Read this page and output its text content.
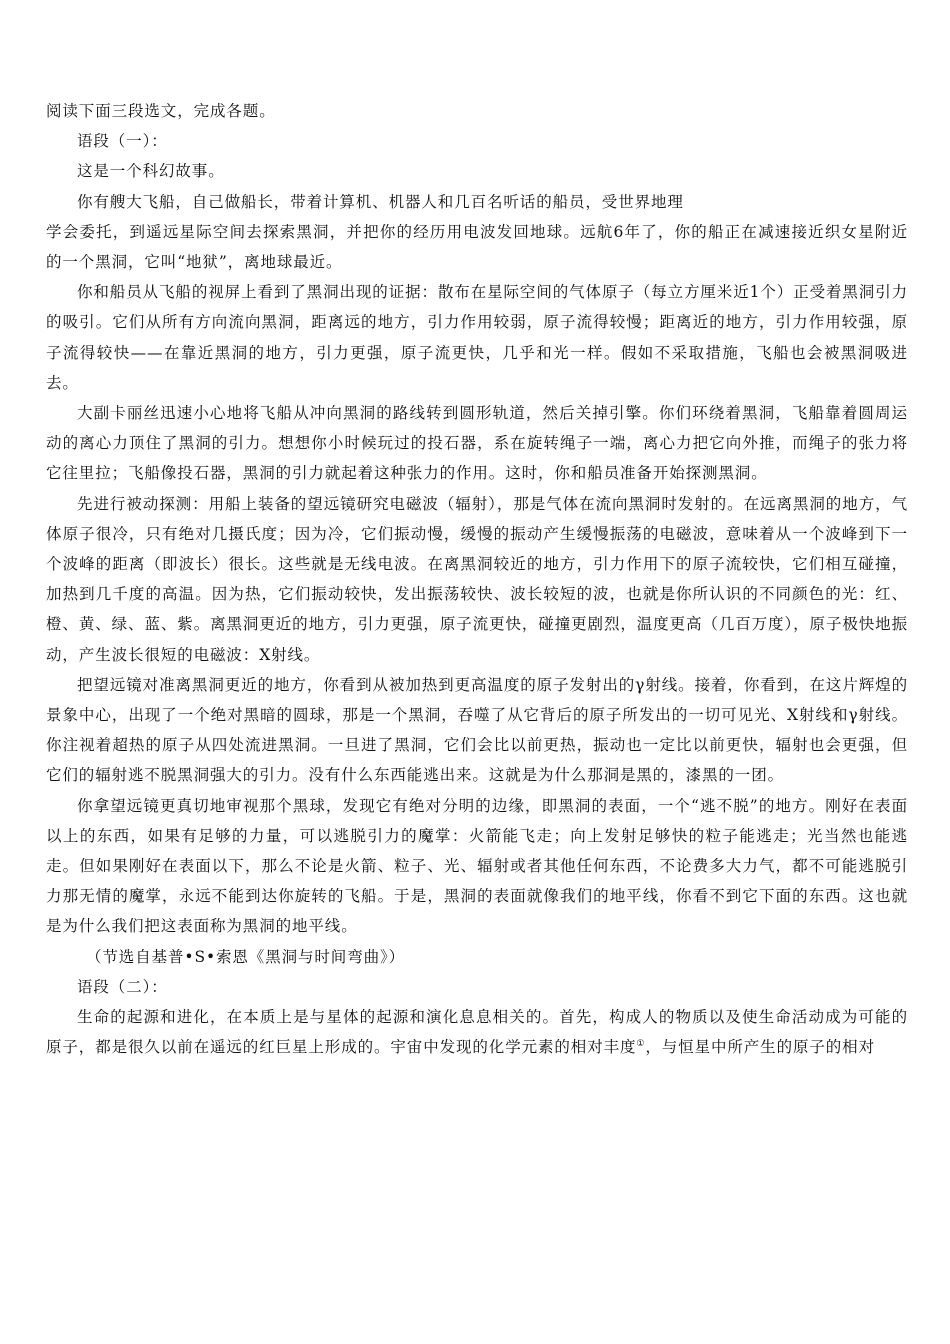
阅读下面三段选文，完成各题。

语段（一）：

这是一个科幻故事。

你有艘大飞船，自己做船长，带着计算机、机器人和几百名听话的船员，受世界地理

学会委托，到遥远星际空间去探索黑洞，并把你的经历用电波发回地球。远航6年了，你的船正在减速接近织女星附近的一个黑洞，它叫“地狱”，离地球最近。

你和船员从飞船的视屏上看到了黑洞出现的证据：散布在星际空间的气体原子（每立方厘米近1个）正受着黑洞引力的吸引。它们从所有方向流向黑洞，距离远的地方，引力作用较弱，原子流得较慢；距离近的地方，引力作用较强，原子流得较快——在靠近黑洞的地方，引力更强，原子流更快，几乎和光一样。假如不采取措施，飞船也会被黑洞吸进去。

大副卡丽丝迅速小心地将飞船从冲向黑洞的路线转到圆形轨道，然后关掉引擎。你们环绕着黑洞，飞船靠着圆周运动的离心力顶住了黑洞的引力。想想你小时候玩过的投石器，系在旋转绳子一端，离心力把它向外推，而绳子的张力将它往里拉；飞船像投石器，黑洞的引力就起着这种张力的作用。这时，你和船员准备开始探测黑洞。

先进行被动探测：用船上装备的望远镜研究电磁波（辐射），那是气体在流向黑洞时发射的。在远离黑洞的地方，气体原子很冷，只有绝对几摄氏度；因为冷，它们振动慢，缓慢的振动产生缓慢振荡的电磁波，意味着从一个波峰到下一个波峰的距离（即波长）很长。这些就是无线电波。在离黑洞较近的地方，引力作用下的原子流较快，它们相互碰撞，加热到几千度的高温。因为热，它们振动较快，发出振荡较快、波长较短的波，也就是你所认识的不同颜色的光：红、橙、黄、绿、蓝、紫。离黑洞更近的地方，引力更强，原子流更快，碰撞更剧烈，温度更高（几百万度），原子极快地振动，产生波长很短的电磁波：X射线。

把望远镜对准离黑洞更近的地方，你看到从被加热到更高温度的原子发射出的γ射线。接着，你看到，在这片辉煌的景象中心，出现了一个绝对黑暗的圆球，那是一个黑洞，吞噬了从它背后的原子所发出的一切可见光、X射线和γ射线。你注视着超热的原子从四处流进黑洞。一旦进了黑洞，它们会比以前更热，振动也一定比以前更快，辐射也会更强，但它们的辐射逃不脱黑洞强大的引力。没有什么东西能逃出来。这就是为什么那洞是黑的，漆黑的一团。

你拿望远镜更真切地审视那个黑球，发现它有绝对分明的边缘，即黑洞的表面，一个“逃不脱”的地方。刚好在表面以上的东西，如果有足够的力量，可以逃脱引力的魔掌：火箭能飞走；向上发射足够快的粒子能逃走；光当然也能逃走。但如果刚好在表面以下，那么不论是火箭、粒子、光、辐射或者其他任何东西，不论费多大力气，都不可能逃脱引力那无情的魔掌，永远不能到达你旋转的飞船。于是，黑洞的表面就像我们的地平线，你看不到它下面的东西。这也就是为什么我们把这表面称为黑洞的地平线。

（节选自基普•S•索恩《黑洞与时间弯曲》）

语段（二）：

生命的起源和进化，在本质上是与星体的起源和演化息息相关的。首先，构成人的物质以及使生命活动成为可能的原子，都是很久以前在遥远的红巨星上形成的。宇宙中发现的化学元素的相对丰度①，与恒星中所产生的原子的相对
